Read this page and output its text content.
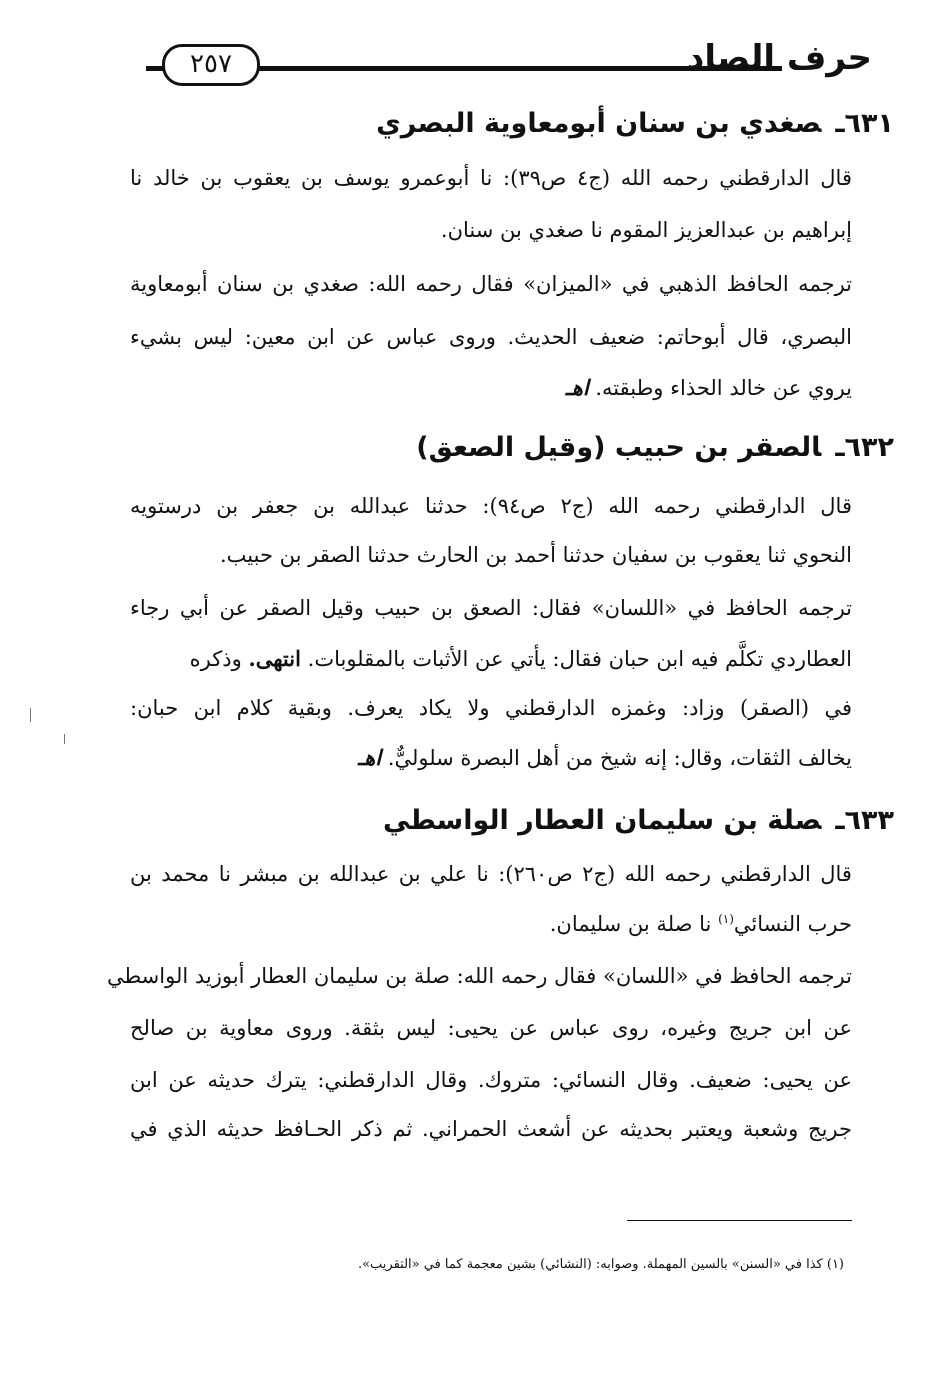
حرف الصاد
٢٥٧
٦٣١ـصغدي بن سنان أبومعاوية البصري
قال الدارقطني رحمه الله (ج٤ ص٣٩): نا أبوعمرو يوسف بن يعقوب بن خالد نا
إبراهيم بن عبدالعزيز المقوم نا صغدي بن سنان.
ترجمه الحافظ الذهبي في «الميزان» فقال رحمه الله: صغدي بن سنان أبومعاوية
البصري، قال أبوحاتم: ضعيف الحديث. وروى عباس عن ابن معين: ليس بشيء
يروي عن خالد الحذاء وطبقته. اهـ
٦٣٢ـالصقر بن حبيب (وقيل الصعق)
قال الدارقطني رحمه الله (ج٢ ص٩٤): حدثنا عبدالله بن جعفر بن درستويه
النحوي ثنا يعقوب بن سفيان حدثنا أحمد بن الحارث حدثنا الصقر بن حبيب.
ترجمه الحافظ في «اللسان» فقال: الصعق بن حبيب وقيل الصقر عن أبي رجاء
العطاردي تكلَّم فيه ابن حبان فقال: يأتي عن الأثبات بالمقلوبات. انتهى. وذكره
في (الصقر) وزاد: وغمزه الدارقطني ولا يكاد يعرف. وبقية كلام ابن حبان:
يخالف الثقات، وقال: إنه شيخ من أهل البصرة سلوليٌّ. اهـ
٦٣٣ـصلة بن سليمان العطار الواسطي
قال الدارقطني رحمه الله (ج٢ ص٢٦٠): نا علي بن عبدالله بن مبشر نا محمد بن
حرب النسائي$^{(١)}$ نا صلة بن سليمان.
ترجمه الحافظ في «اللسان» فقال رحمه الله: صلة بن سليمان العطار أبوزيد الواسطي
عن ابن جريج وغيره، روى عباس عن يحيى: ليس بثقة. وروى معاوية بن صالح
عن يحيى: ضعيف. وقال النسائي: متروك. وقال الدارقطني: يترك حديثه عن ابن
جريج وشعبة ويعتبر بحديثه عن أشعث الحمراني. ثم ذكر الحـافظ حديثه الذي في
(١) كذا في «السنن» بالسين المهملة. وصوابه: (النشائي) بشين معجمة كما في «التقريب».
